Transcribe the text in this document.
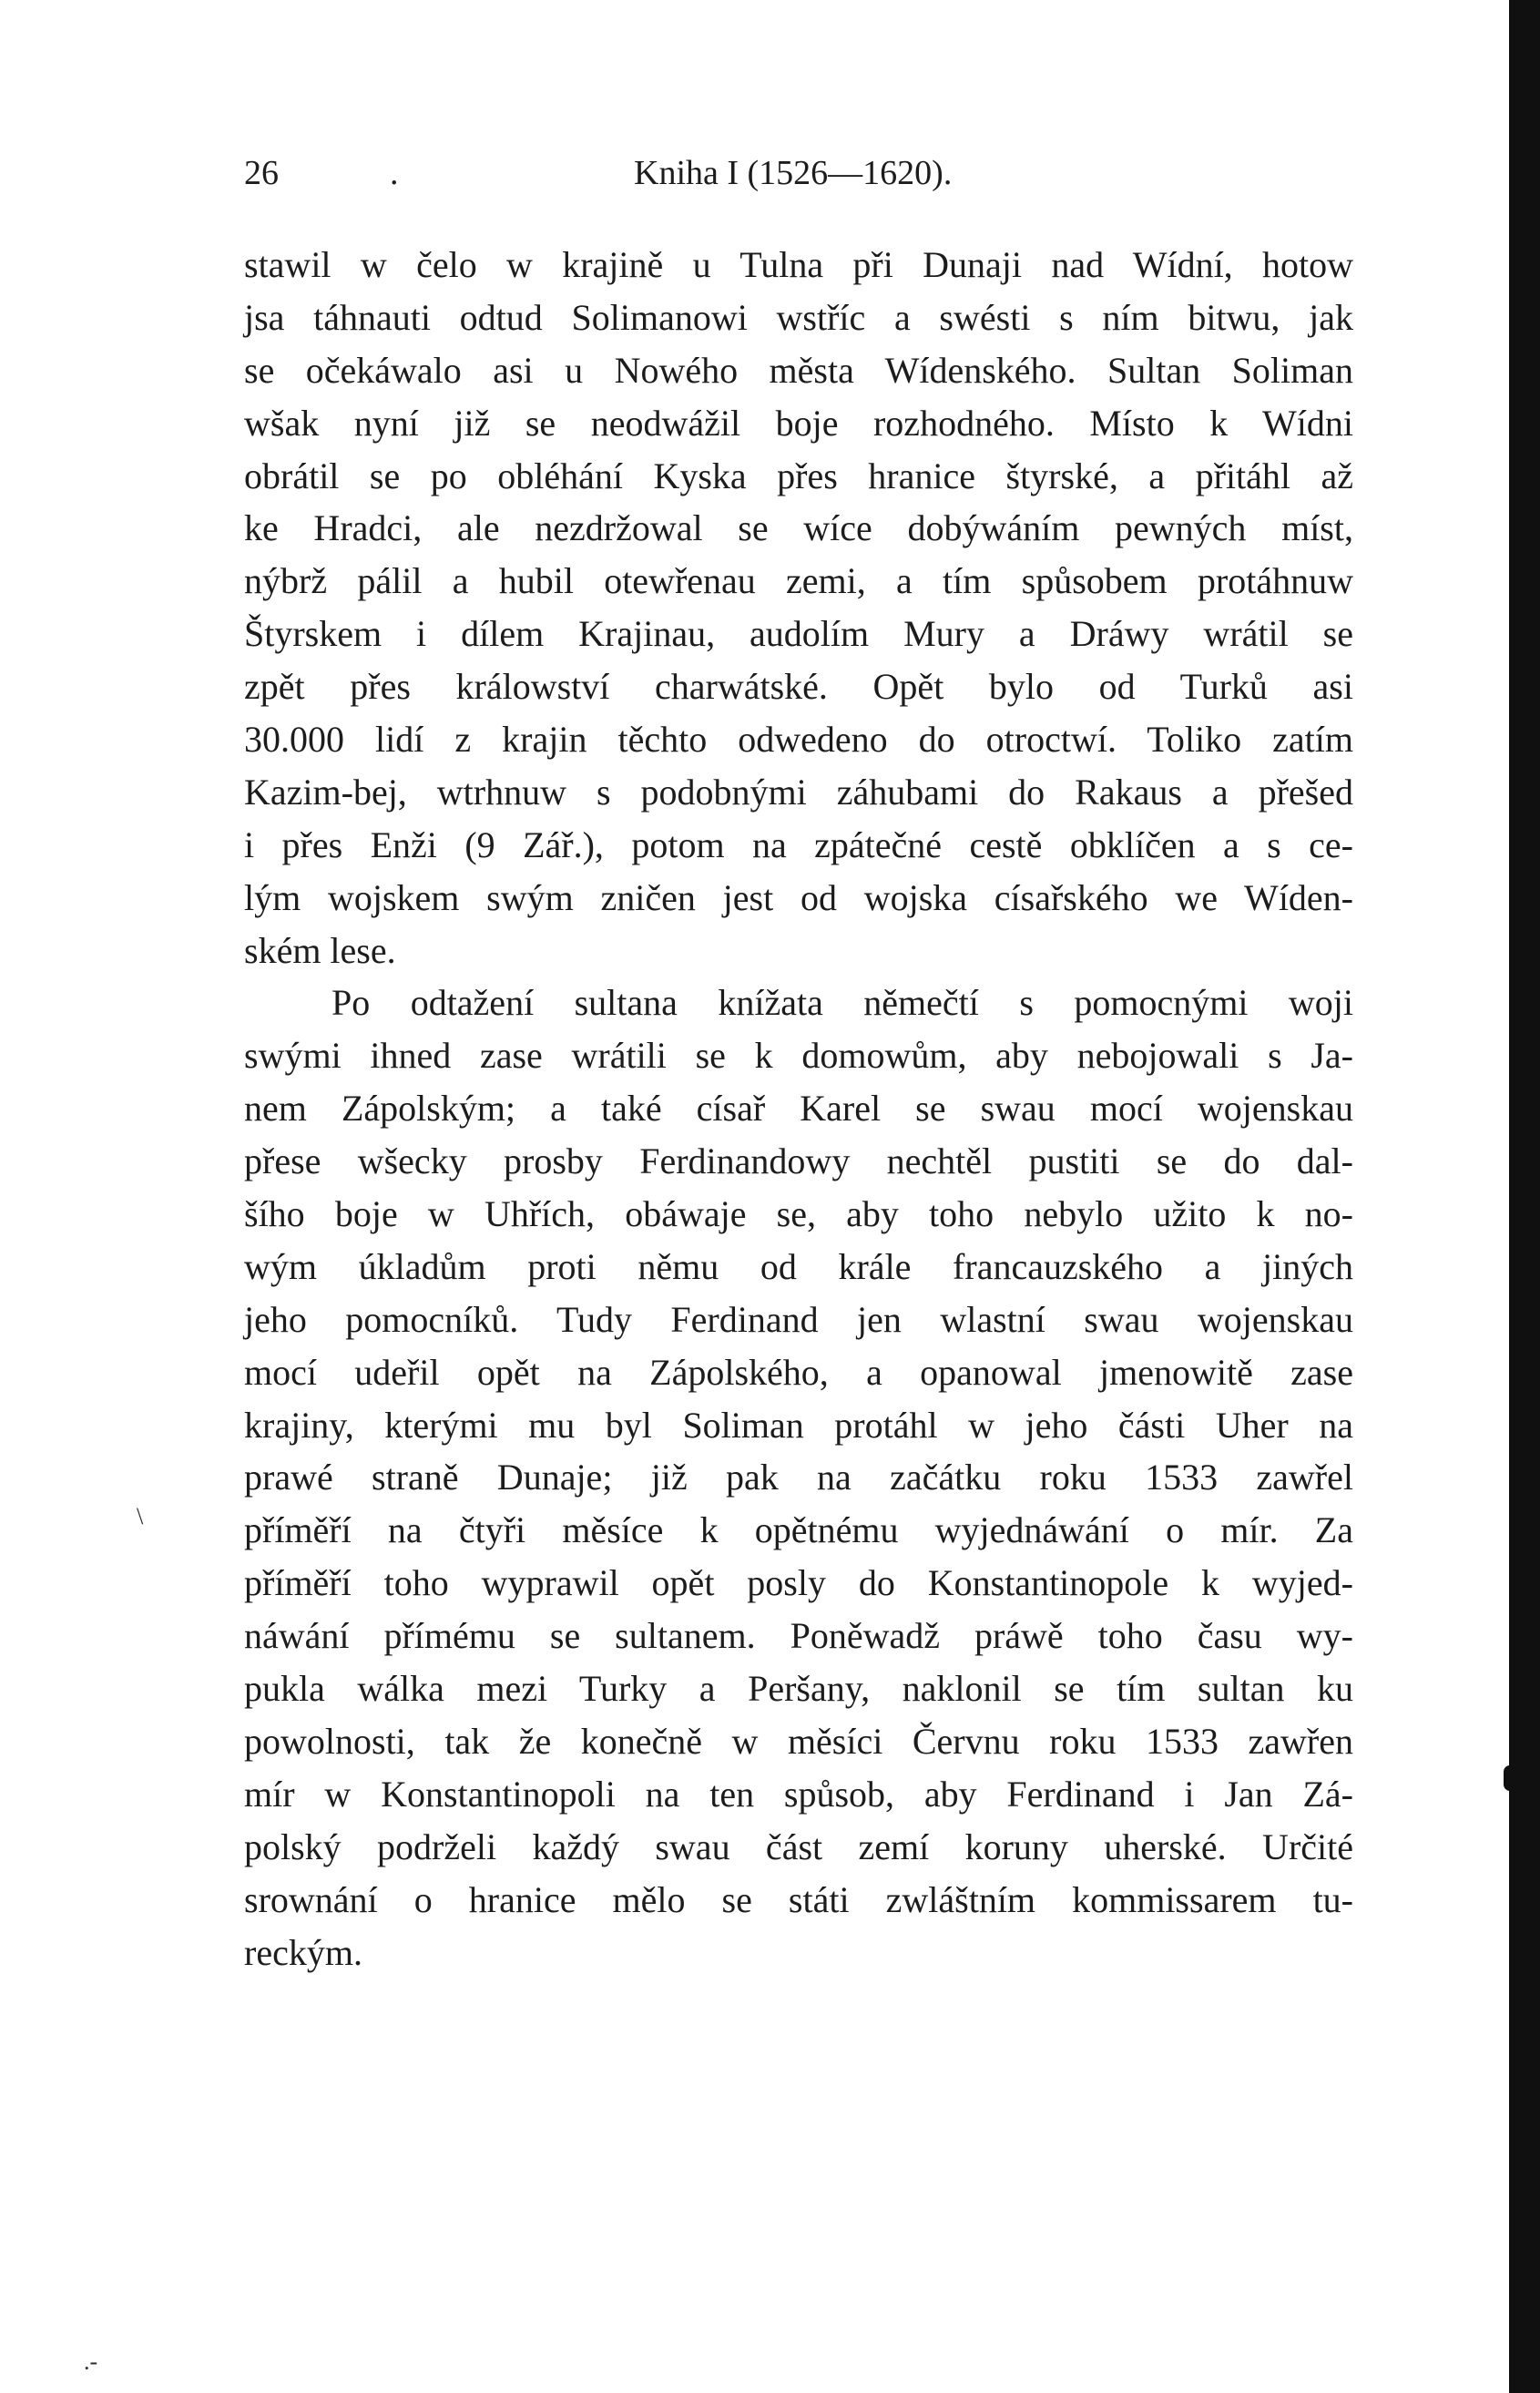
26	.	Kniha I (1526—1620).
stawil w čelo w krajině u Tulna při Dunaji nad Wídní, hotow
jsa táhnauti odtud Solimanowi wstříc a swésti s ním bitwu, jak
se očekáwalo asi u Nowého města Wídenského. Sultan Soliman
wšak nyní již se neodwážil boje rozhodného. Místo k Wídni
obrátil se po obléhání Kyska přes hranice štyrské, a přitáhl až
ke Hradci, ale nezdržowal se wíce dobýwáním pewných míst,
nýbrž pálil a hubil otewřenau zemi, a tím spůsobem protáhnuw
Štyrskem i dílem Krajinau, audolím Mury a Dráwy wrátil se
zpět přes králowství charwátské. Opět bylo od Turků asi
30.000 lidí z krajin těchto odwedeno do otroctwí. Toliko zatím
Kazim-bej, wtrhnuw s podobnými záhubami do Rakaus a přešed
i přes Enži (9 Zář.), potom na zpátečné cestě obklíčen a s ce-
lým wojskem swým zničen jest od wojska císařského we Wíden-
ském lese.
Po odtažení sultana knížata němečtí s pomocnými woji
swými ihned zase wrátili se k domowům, aby nebojowali s Ja-
nem Zápolským; a také císař Karel se swau mocí wojenskau
přese wšecky prosby Ferdinandowy nechtěl pustiti se do dal-
šího boje w Uhřích, obáwaje se, aby toho nebylo užito k no-
wým úkladům proti němu od krále francauzského a jiných
jeho pomocníků. Tudy Ferdinand jen wlastní swau wojenskau
mocí udeřil opět na Zápolského, a opanowal jmenowitě zase
krajiny, kterými mu byl Soliman protáhl w jeho části Uher na
prawé straně Dunaje; již pak na začátku roku 1533 zawřel
příměří na čtyři měsíce k opětnému wyjednáwání o mír. Za
příměří toho wyprawil opět posly do Konstantinopole k wyjed-
náwání přímému se sultanem. Poněwadž práwě toho času wy-
pukla wálka mezi Turky a Peršany, naklonil se tím sultan ku
powolnosti, tak že konečně w měsíci Červnu roku 1533 zawřen
mír w Konstantinopoli na ten spůsob, aby Ferdinand i Jan Zá-
polský podrželi každý swau část zemí koruny uherské. Určité
srownání o hranice mělo se státi zwláštním kommissarem tu-
reckým.
\
.-
